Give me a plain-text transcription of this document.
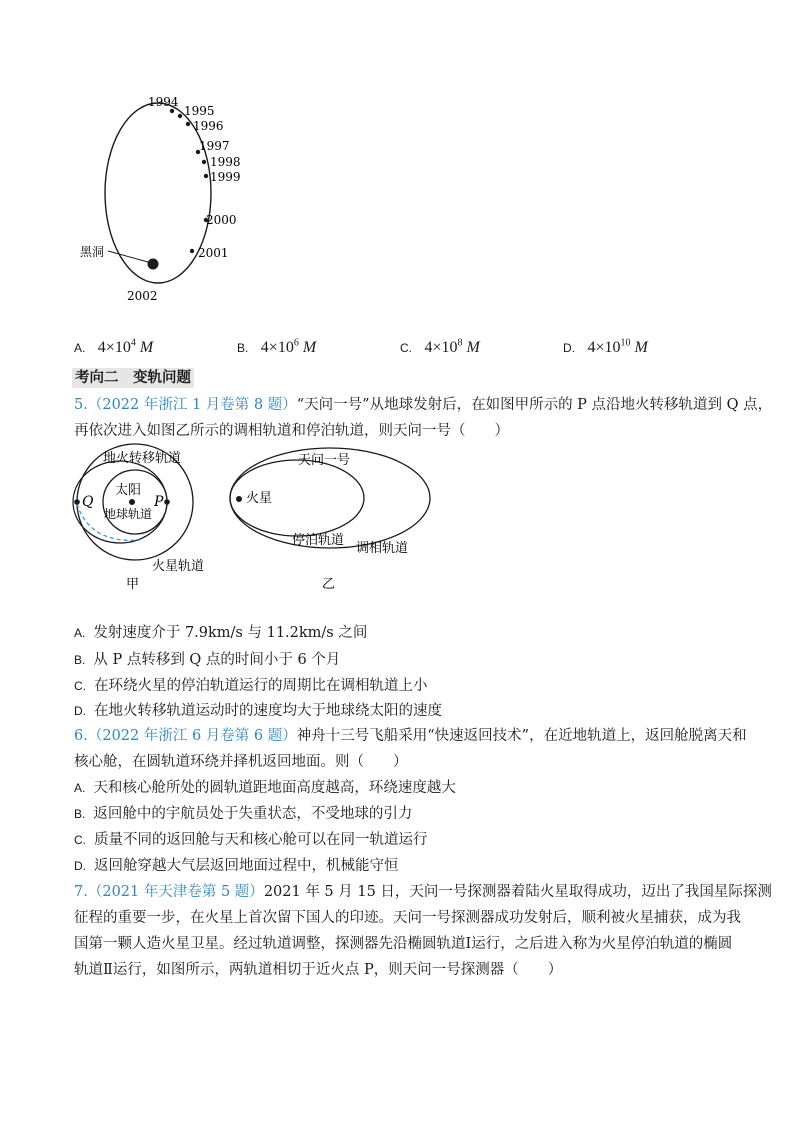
1994
1995
1996
1997
1998
1999
2000
2001
2002
黑洞
A. $4\times 10^4$ M	B. $4\times 10^6$ M	C. $4\times 10^8$ M	D. $4\times 10^{10}$ M
考向二　变轨问题
5.（2022 年浙江 1 月卷第 8 题）“天问一号”从地球发射后，在如图甲所示的 P 点沿地火转移轨道到 Q 点，
再依次进入如图乙所示的调相轨道和停泊轨道，则天问一号（　　）
地火转移轨道
太阳
地球轨道
火星轨道
P
Q
甲
天问一号
火星
停泊轨道
调相轨道
乙
A. 发射速度介于 7.9km/s 与 11.2km/s 之间
B. 从 P 点转移到 Q 点的时间小于 6 个月
C. 在环绕火星的停泊轨道运行的周期比在调相轨道上小
D. 在地火转移轨道运动时的速度均大于地球绕太阳的速度
6.（2022 年浙江 6 月卷第 6 题）神舟十三号飞船采用“快速返回技术”，在近地轨道上，返回舱脱离天和
核心舱，在圆轨道环绕并择机返回地面。则（　　）
A. 天和核心舱所处的圆轨道距地面高度越高，环绕速度越大
B. 返回舱中的宇航员处于失重状态，不受地球的引力
C. 质量不同的返回舱与天和核心舱可以在同一轨道运行
D. 返回舱穿越大气层返回地面过程中，机械能守恒
7.（2021 年天津卷第 5 题）2021 年 5 月 15 日，天问一号探测器着陆火星取得成功，迈出了我国星际探测
征程的重要一步，在火星上首次留下国人的印迹。天问一号探测器成功发射后，顺利被火星捕获，成为我
国第一颗人造火星卫星。经过轨道调整，探测器先沿椭圆轨道Ⅰ运行，之后进入称为火星停泊轨道的椭圆
轨道Ⅱ运行，如图所示，两轨道相切于近火点 P，则天问一号探测器（　　）
